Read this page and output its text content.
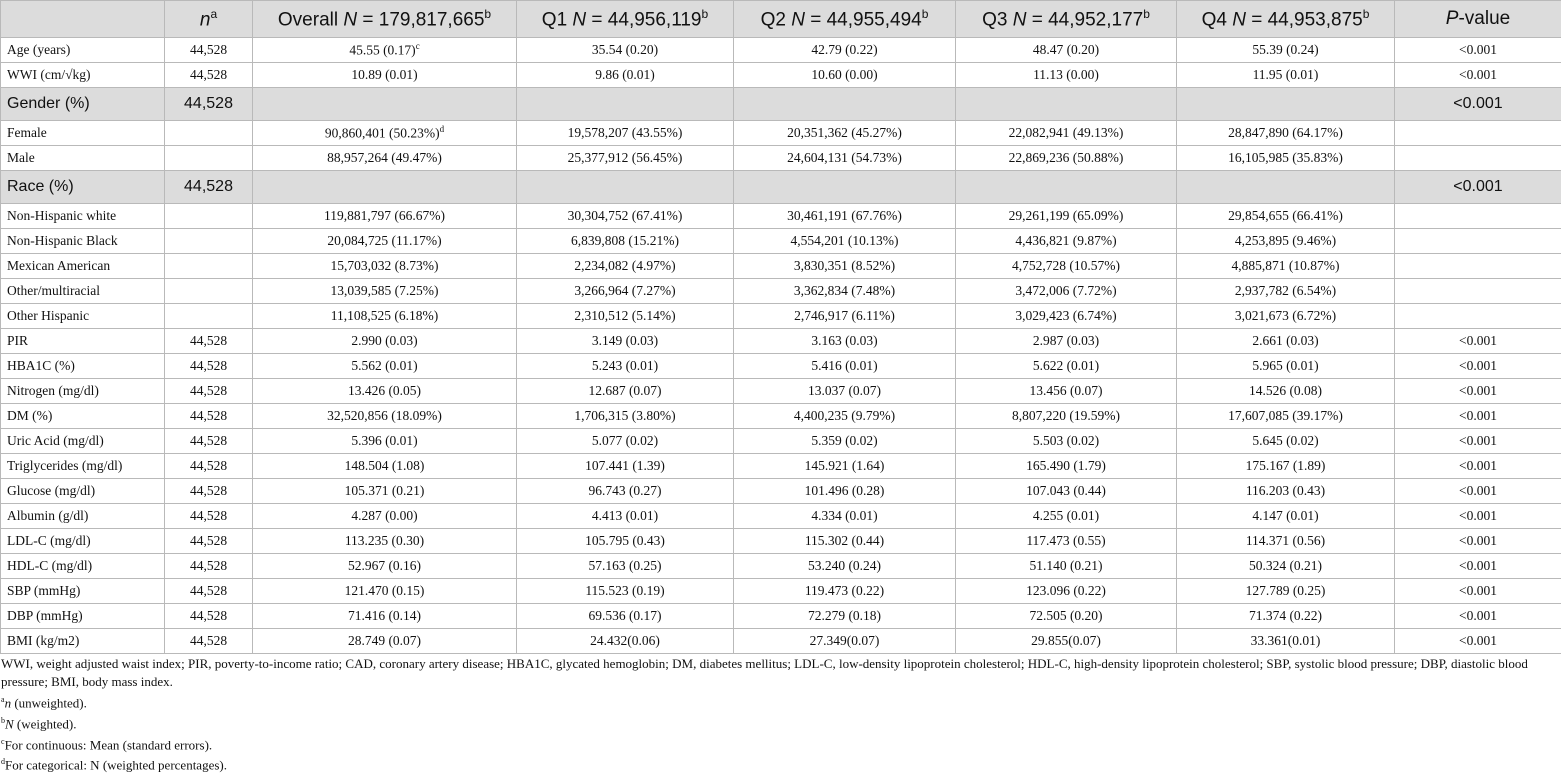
	$n^a$	Overall N = 179,817,665$^b$	Q1 N = 44,956,119$^b$	Q2 N = 44,955,494$^b$	Q3 N = 44,952,177$^b$	Q4 N = 44,953,875$^b$	P-value
Age (years)	44,528	45.55 $(0.17)^c$	35.54 (0.20)	42.79 (0.22)	48.47 (0.20)	55.39 (0.24)	<0.001
WWI (cm/√kg)	44,528	10.89 (0.01)	9.86 (0.01)	10.60 (0.00)	11.13 (0.00)	11.95 (0.01)	<0.001
Gender (%)	44,528						<0.001
Female		90,860,401 $(50.23\%)^d$	19,578,207 (43.55%)	20,351,362 (45.27%)	22,082,941 (49.13%)	28,847,890 (64.17%)	
Male		88,957,264 (49.47%)	25,377,912 (56.45%)	24,604,131 (54.73%)	22,869,236 (50.88%)	16,105,985 (35.83%)	
Race (%)	44,528						<0.001
Non-Hispanic white		119,881,797 (66.67%)	30,304,752 (67.41%)	30,461,191 (67.76%)	29,261,199 (65.09%)	29,854,655 (66.41%)	
Non-Hispanic Black		20,084,725 (11.17%)	6,839,808 (15.21%)	4,554,201 (10.13%)	4,436,821 (9.87%)	4,253,895 (9.46%)	
Mexican American		15,703,032 (8.73%)	2,234,082 (4.97%)	3,830,351 (8.52%)	4,752,728 (10.57%)	4,885,871 (10.87%)	
Other/multiracial		13,039,585 (7.25%)	3,266,964 (7.27%)	3,362,834 (7.48%)	3,472,006 (7.72%)	2,937,782 (6.54%)	
Other Hispanic		11,108,525 (6.18%)	2,310,512 (5.14%)	2,746,917 (6.11%)	3,029,423 (6.74%)	3,021,673 (6.72%)	
PIR	44,528	2.990 (0.03)	3.149 (0.03)	3.163 (0.03)	2.987 (0.03)	2.661 (0.03)	<0.001
HBA1C (%)	44,528	5.562 (0.01)	5.243 (0.01)	5.416 (0.01)	5.622 (0.01)	5.965 (0.01)	<0.001
Nitrogen (mg/dl)	44,528	13.426 (0.05)	12.687 (0.07)	13.037 (0.07)	13.456 (0.07)	14.526 (0.08)	<0.001
DM (%)	44,528	32,520,856 (18.09%)	1,706,315 (3.80%)	4,400,235 (9.79%)	8,807,220 (19.59%)	17,607,085 (39.17%)	<0.001
Uric Acid (mg/dl)	44,528	5.396 (0.01)	5.077 (0.02)	5.359 (0.02)	5.503 (0.02)	5.645 (0.02)	<0.001
Triglycerides (mg/dl)	44,528	148.504 (1.08)	107.441 (1.39)	145.921 (1.64)	165.490 (1.79)	175.167 (1.89)	<0.001
Glucose (mg/dl)	44,528	105.371 (0.21)	96.743 (0.27)	101.496 (0.28)	107.043 (0.44)	116.203 (0.43)	<0.001
Albumin (g/dl)	44,528	4.287 (0.00)	4.413 (0.01)	4.334 (0.01)	4.255 (0.01)	4.147 (0.01)	<0.001
LDL-C (mg/dl)	44,528	113.235 (0.30)	105.795 (0.43)	115.302 (0.44)	117.473 (0.55)	114.371 (0.56)	<0.001
HDL-C (mg/dl)	44,528	52.967 (0.16)	57.163 (0.25)	53.240 (0.24)	51.140 (0.21)	50.324 (0.21)	<0.001
SBP (mmHg)	44,528	121.470 (0.15)	115.523 (0.19)	119.473 (0.22)	123.096 (0.22)	127.789 (0.25)	<0.001
DBP (mmHg)	44,528	71.416 (0.14)	69.536 (0.17)	72.279 (0.18)	72.505 (0.20)	71.374 (0.22)	<0.001
BMI (kg/m2)	44,528	28.749 (0.07)	24.432(0.06)	27.349(0.07)	29.855(0.07)	33.361(0.01)	<0.001

WWI, weight adjusted waist index; PIR, poverty-to-income ratio; CAD, coronary artery disease; HBA1C, glycated hemoglobin; DM, diabetes mellitus; LDL-C, low-density lipoprotein cholesterol; HDL-C, high-density lipoprotein cholesterol; SBP, systolic blood pressure; DBP, diastolic blood pressure; BMI, body mass index.

$^a$n (unweighted).

$^b$N (weighted).

$^c$For continuous: Mean (standard errors).

$^d$For categorical: N (weighted percentages).
